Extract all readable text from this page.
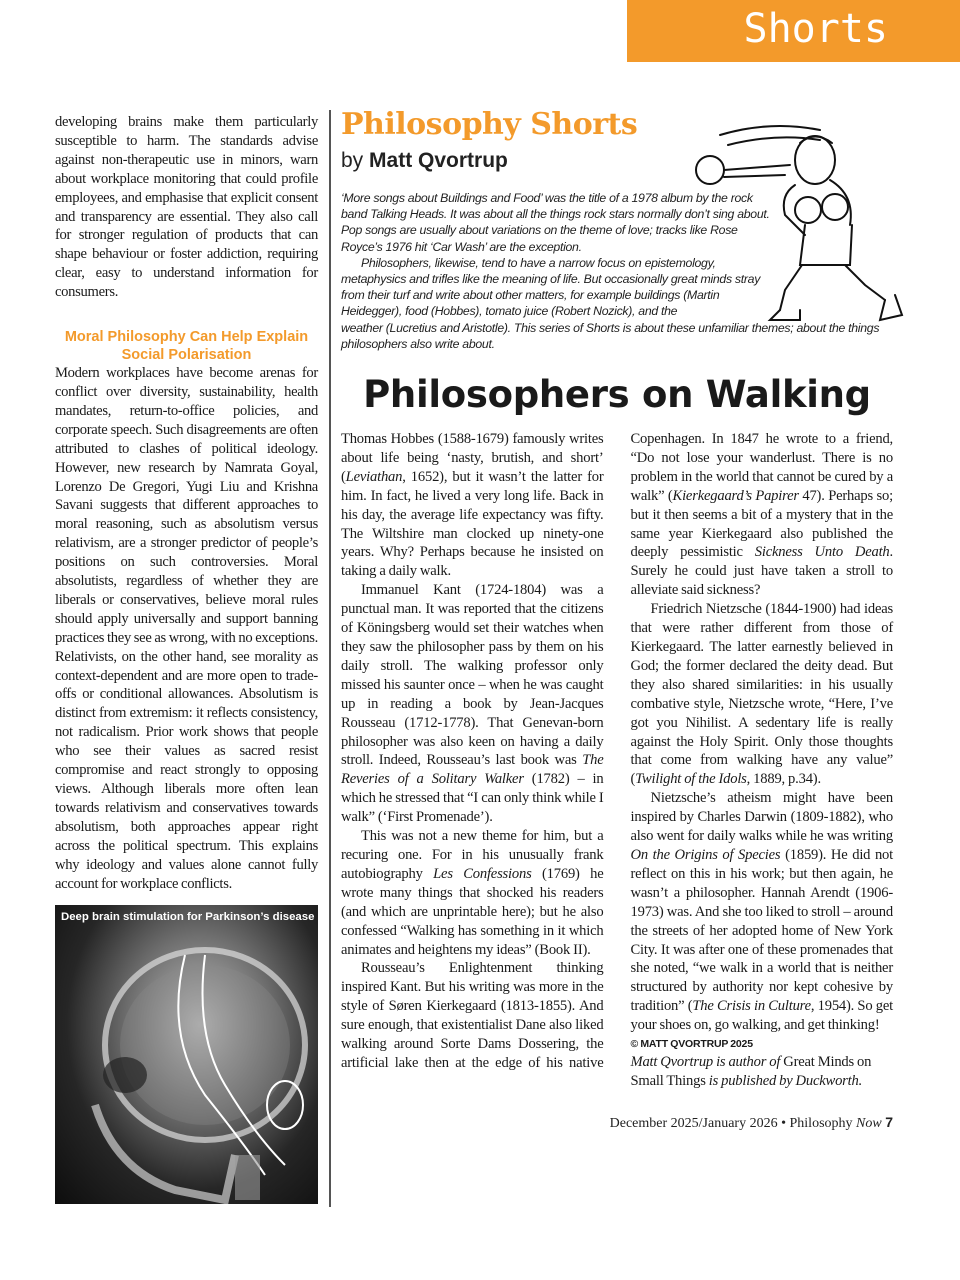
Shorts

developing brains make them particularly susceptible to harm. The standards advise against non-therapeutic use in minors, warn about workplace monitoring that could profile employees, and emphasise that explicit consent and transparency are essential. They also call for stronger regulation of products that can shape behaviour or foster addiction, requiring clear, easy to understand information for consumers.

Moral Philosophy Can Help Explain Social Polarisation

Modern workplaces have become arenas for conflict over diversity, sustainability, health mandates, return-to-office policies, and corporate speech. Such disagreements are often attributed to clashes of political ideology. However, new research by Namrata Goyal, Lorenzo De Gregori, Yugi Liu and Krishna Savani suggests that different approaches to moral reasoning, such as absolutism versus relativism, are a stronger predictor of people’s positions on such controversies. Moral absolutists, regardless of whether they are liberals or conservatives, believe moral rules should apply universally and support banning practices they see as wrong, with no exceptions. Relativists, on the other hand, see morality as context-dependent and are more open to trade-offs or conditional allowances. Absolutism is distinct from extremism: it reflects consistency, not radicalism. Prior work shows that people who see their values as sacred resist compromise and react strongly to opposing views. Although liberals more often lean towards relativism and conservatives towards absolutism, both approaches appear right across the political spectrum. This explains why ideology and values alone cannot fully account for workplace conflicts.

Deep brain stimulation for Parkinson’s disease
Philosophy Shorts
by Matt Qvortrup

‘More songs about Buildings and Food’ was the title of a 1978 album by the rock band Talking Heads. It was about all the things rock stars normally don’t sing about. Pop songs are usually about variations on the theme of love; tracks like Rose Royce’s 1976 hit ‘Car Wash’ are the exception.

Philosophers, likewise, tend to have a narrow focus on epistemology, metaphysics and trifles like the meaning of life. But occasionally great minds stray from their turf and write about other matters, for example buildings (Martin Heidegger), food (Hobbes), tomato juice (Robert Nozick), and the
weather (Lucretius and Aristotle). This series of Shorts is about these unfamiliar themes; about the things philosophers also write about.

Philosophers on Walking

Thomas Hobbes (1588-1679) famously writes about life being ‘nasty, brutish, and short’ (Leviathan, 1652), but it wasn’t the latter for him. In fact, he lived a very long life. Back in his day, the average life expectancy was fifty. The Wiltshire man clocked up ninety-one years. Why? Perhaps because he insisted on taking a daily walk.

Immanuel Kant (1724-1804) was a punctual man. It was reported that the citizens of Köningsberg would set their watches when they saw the philosopher pass by them on his daily stroll. The walking professor only missed his saunter once – when he was caught up in reading a book by Jean-Jacques Rousseau (1712-1778). That Genevan-born philosopher was also keen on having a daily stroll. Indeed, Rousseau’s last book was The Reveries of a Solitary Walker (1782) – in which he stressed that “I can only think while I walk” (‘First Promenade’).

This was not a new theme for him, but a recuring one. For in his unusually frank autobiography Les Confessions (1769) he wrote many things that shocked his readers (and which are unprintable here); but he also confessed “Walking has something in it which animates and heightens my ideas” (Book II).

Rousseau’s Enlightenment thinking inspired Kant. But his writing was more in the style of Søren Kierkegaard (1813-1855). And sure enough, that existentialist Dane also liked walking around Sorte Dams Dossering, the artificial lake then at the edge of his native Copenhagen. In 1847 he wrote to a friend, “Do not lose your wanderlust. There is no problem in the world that cannot be cured by a walk” (Kierkegaard’s Papirer 47). Perhaps so; but it then seems a bit of a mystery that in the same year Kierkegaard also published the deeply pessimistic Sickness Unto Death. Surely he could just have taken a stroll to alleviate said sickness?

Friedrich Nietzsche (1844-1900) had ideas that were rather different from those of Kierkegaard. The latter earnestly believed in God; the former declared the deity dead. But they also shared similarities: in his usually combative style, Nietzsche wrote, “Here, I’ve got you Nihilist. A sedentary life is really against the Holy Spirit. Only those thoughts that come from walking have any value” (Twilight of the Idols, 1889, p.34).

Nietzsche’s atheism might have been inspired by Charles Darwin (1809-1882), who also went for daily walks while he was writing On the Origins of Species (1859). He did not reflect on this in his work; but then again, he wasn’t a philosopher. Hannah Arendt (1906-1973) was. And she too liked to stroll – around the streets of her adopted home of New York City. It was after one of these promenades that she noted, “we walk in a world that is neither structured by authority nor kept cohesive by tradition” (The Crisis in Culture, 1954). So get your shoes on, go walking, and get thinking!

© MATT QVORTRUP 2025

Matt Qvortrup is author of Great Minds on Small Things is published by Duckworth.

December 2025/January 2026 • Philosophy Now 7
